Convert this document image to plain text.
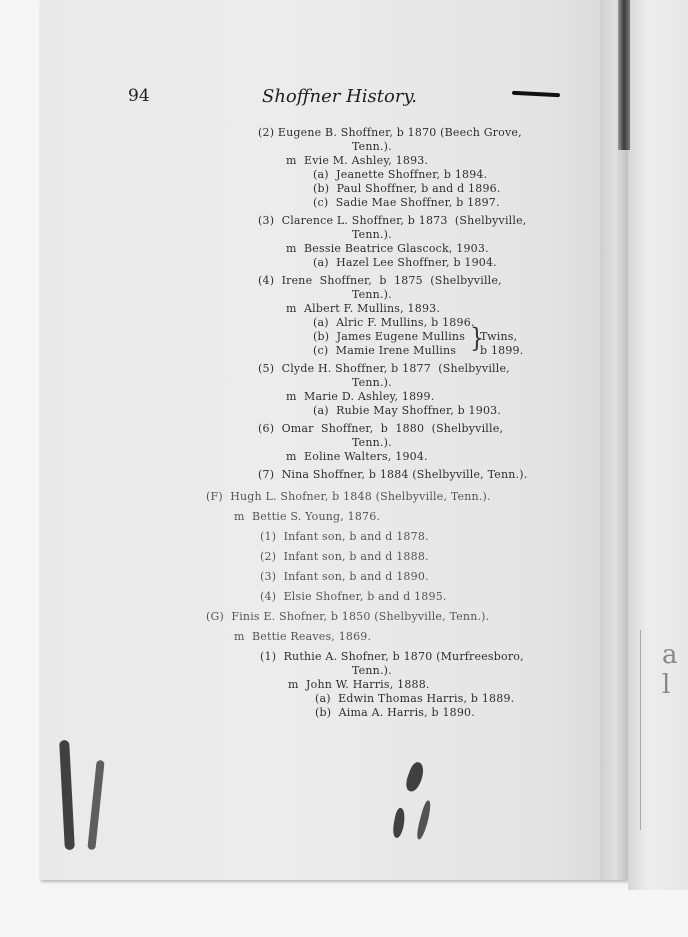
a
l
94	Shoffner History.
(2) Eugene B. Shoffner, b 1870 (Beech Grove,
Tenn.).
m  Evie M. Ashley, 1893.
(a)  Jeanette Shoffner, b 1894.
(b)  Paul Shoffner, b and d 1896.
(c)  Sadie Mae Shoffner, b 1897.
(3)  Clarence L. Shoffner, b 1873  (Shelbyville,
Tenn.).
m  Bessie Beatrice Glascock, 1903.
(a)  Hazel Lee Shoffner, b 1904.
(4)  Irene  Shoffner,  b  1875  (Shelbyville,
Tenn.).
m  Albert F. Mullins, 1893.
(a)  Alric F. Mullins, b 1896.
(b)  James Eugene Mullins
(c)  Mamie Irene Mullins }
Twins,
b 1899.
(5)  Clyde H. Shoffner, b 1877  (Shelbyville,
Tenn.).
m  Marie D. Ashley, 1899.
(a)  Rubie May Shoffner, b 1903.
(6)  Omar  Shoffner,  b  1880  (Shelbyville,
Tenn.).
m  Eoline Walters, 1904.
(7)  Nina Shoffner, b 1884 (Shelbyville, Tenn.).
(F)  Hugh L. Shofner, b 1848 (Shelbyville, Tenn.).
m  Bettie S. Young, 1876.
(1)  Infant son, b and d 1878.
(2)  Infant son, b and d 1888.
(3)  Infant son, b and d 1890.
(4)  Elsie Shofner, b and d 1895.
(G)  Finis E. Shofner, b 1850 (Shelbyville, Tenn.).
m  Bettie Reaves, 1869.
(1)  Ruthie A. Shofner, b 1870 (Murfreesboro,
Tenn.).
m  John W. Harris, 1888.
(a)  Edwin Thomas Harris, b 1889.
(b)  Aima A. Harris, b 1890.
